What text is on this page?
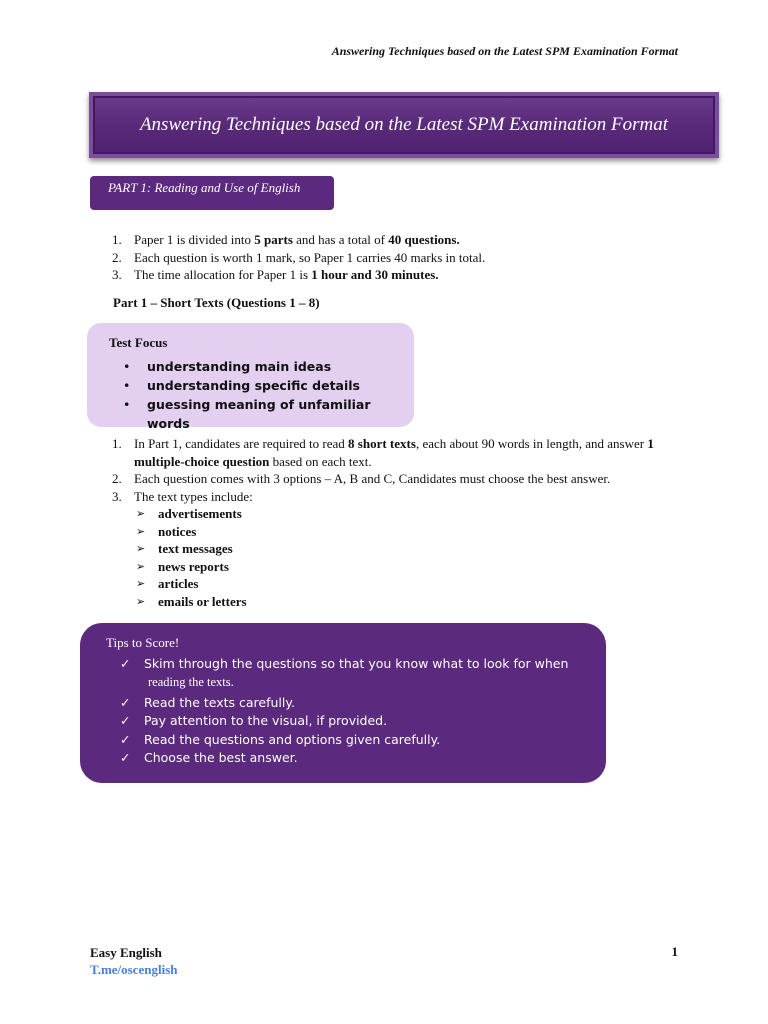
Answering Techniques based on the Latest SPM Examination Format
Answering Techniques based on the Latest SPM Examination Format
PART 1: Reading and Use of English
1. Paper 1 is divided into 5 parts and has a total of 40 questions.
2. Each question is worth 1 mark, so Paper 1 carries 40 marks in total.
3. The time allocation for Paper 1 is 1 hour and 30 minutes.
Part 1 – Short Texts (Questions 1 – 8)
Test Focus
•	understanding main ideas
•	understanding specific details
•	guessing meaning of unfamiliar words
1. In Part 1, candidates are required to read 8 short texts, each about 90 words in length, and answer 1 multiple-choice question based on each text.
2. Each question comes with 3 options – A, B and C, Candidates must choose the best answer.
3. The text types include:
➢ advertisements
➢ notices
➢ text messages
➢ news reports
➢ articles
➢ emails or letters
Tips to Score!
✓	Skim through the questions so that you know what to look for when
reading the texts.
✓	Read the texts carefully.
✓	Pay attention to the visual, if provided.
✓	Read the questions and options given carefully.
✓	Choose the best answer.
Easy English
T.me/oscenglish
1
